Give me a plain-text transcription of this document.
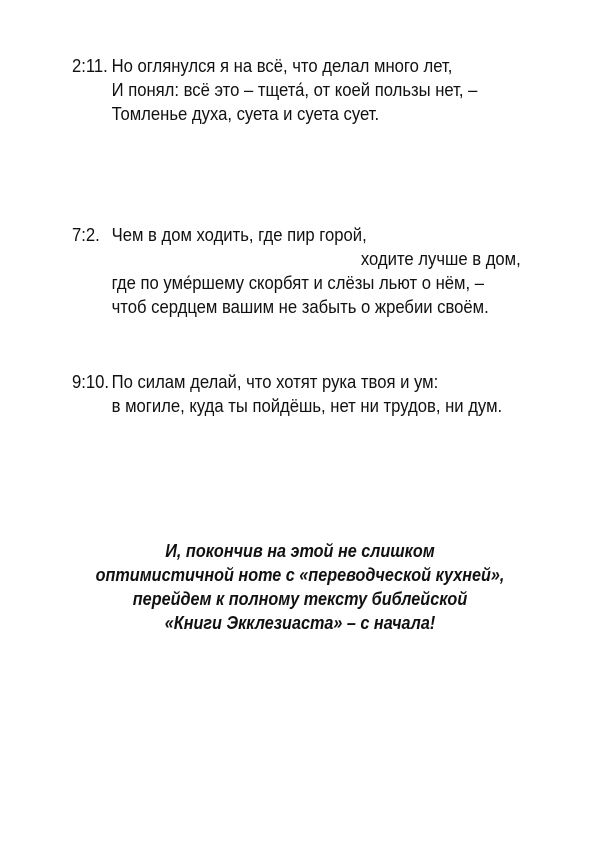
2:11. Но оглянулся я на всё, что делал много лет,
И понял: всё это – тщета́, от коей пользы нет, –
Томленье духа, суета и суета сует.
7:2. Чем в дом ходить, где пир горой,
ходите лучше в дом,
где по уме́ршему скорбят и слёзы льют о нём, –
чтоб сердцем вашим не забыть о жребии своём.
9:10. По силам делай, что хотят рука твоя и ум:
в могиле, куда ты пойдёшь, нет ни трудов, ни дум.
И, покончив на этой не слишком
оптимистичной ноте с «переводческой кухней»,
перейдем к полному тексту библейской
«Книги Экклезиаста» – с начала!
